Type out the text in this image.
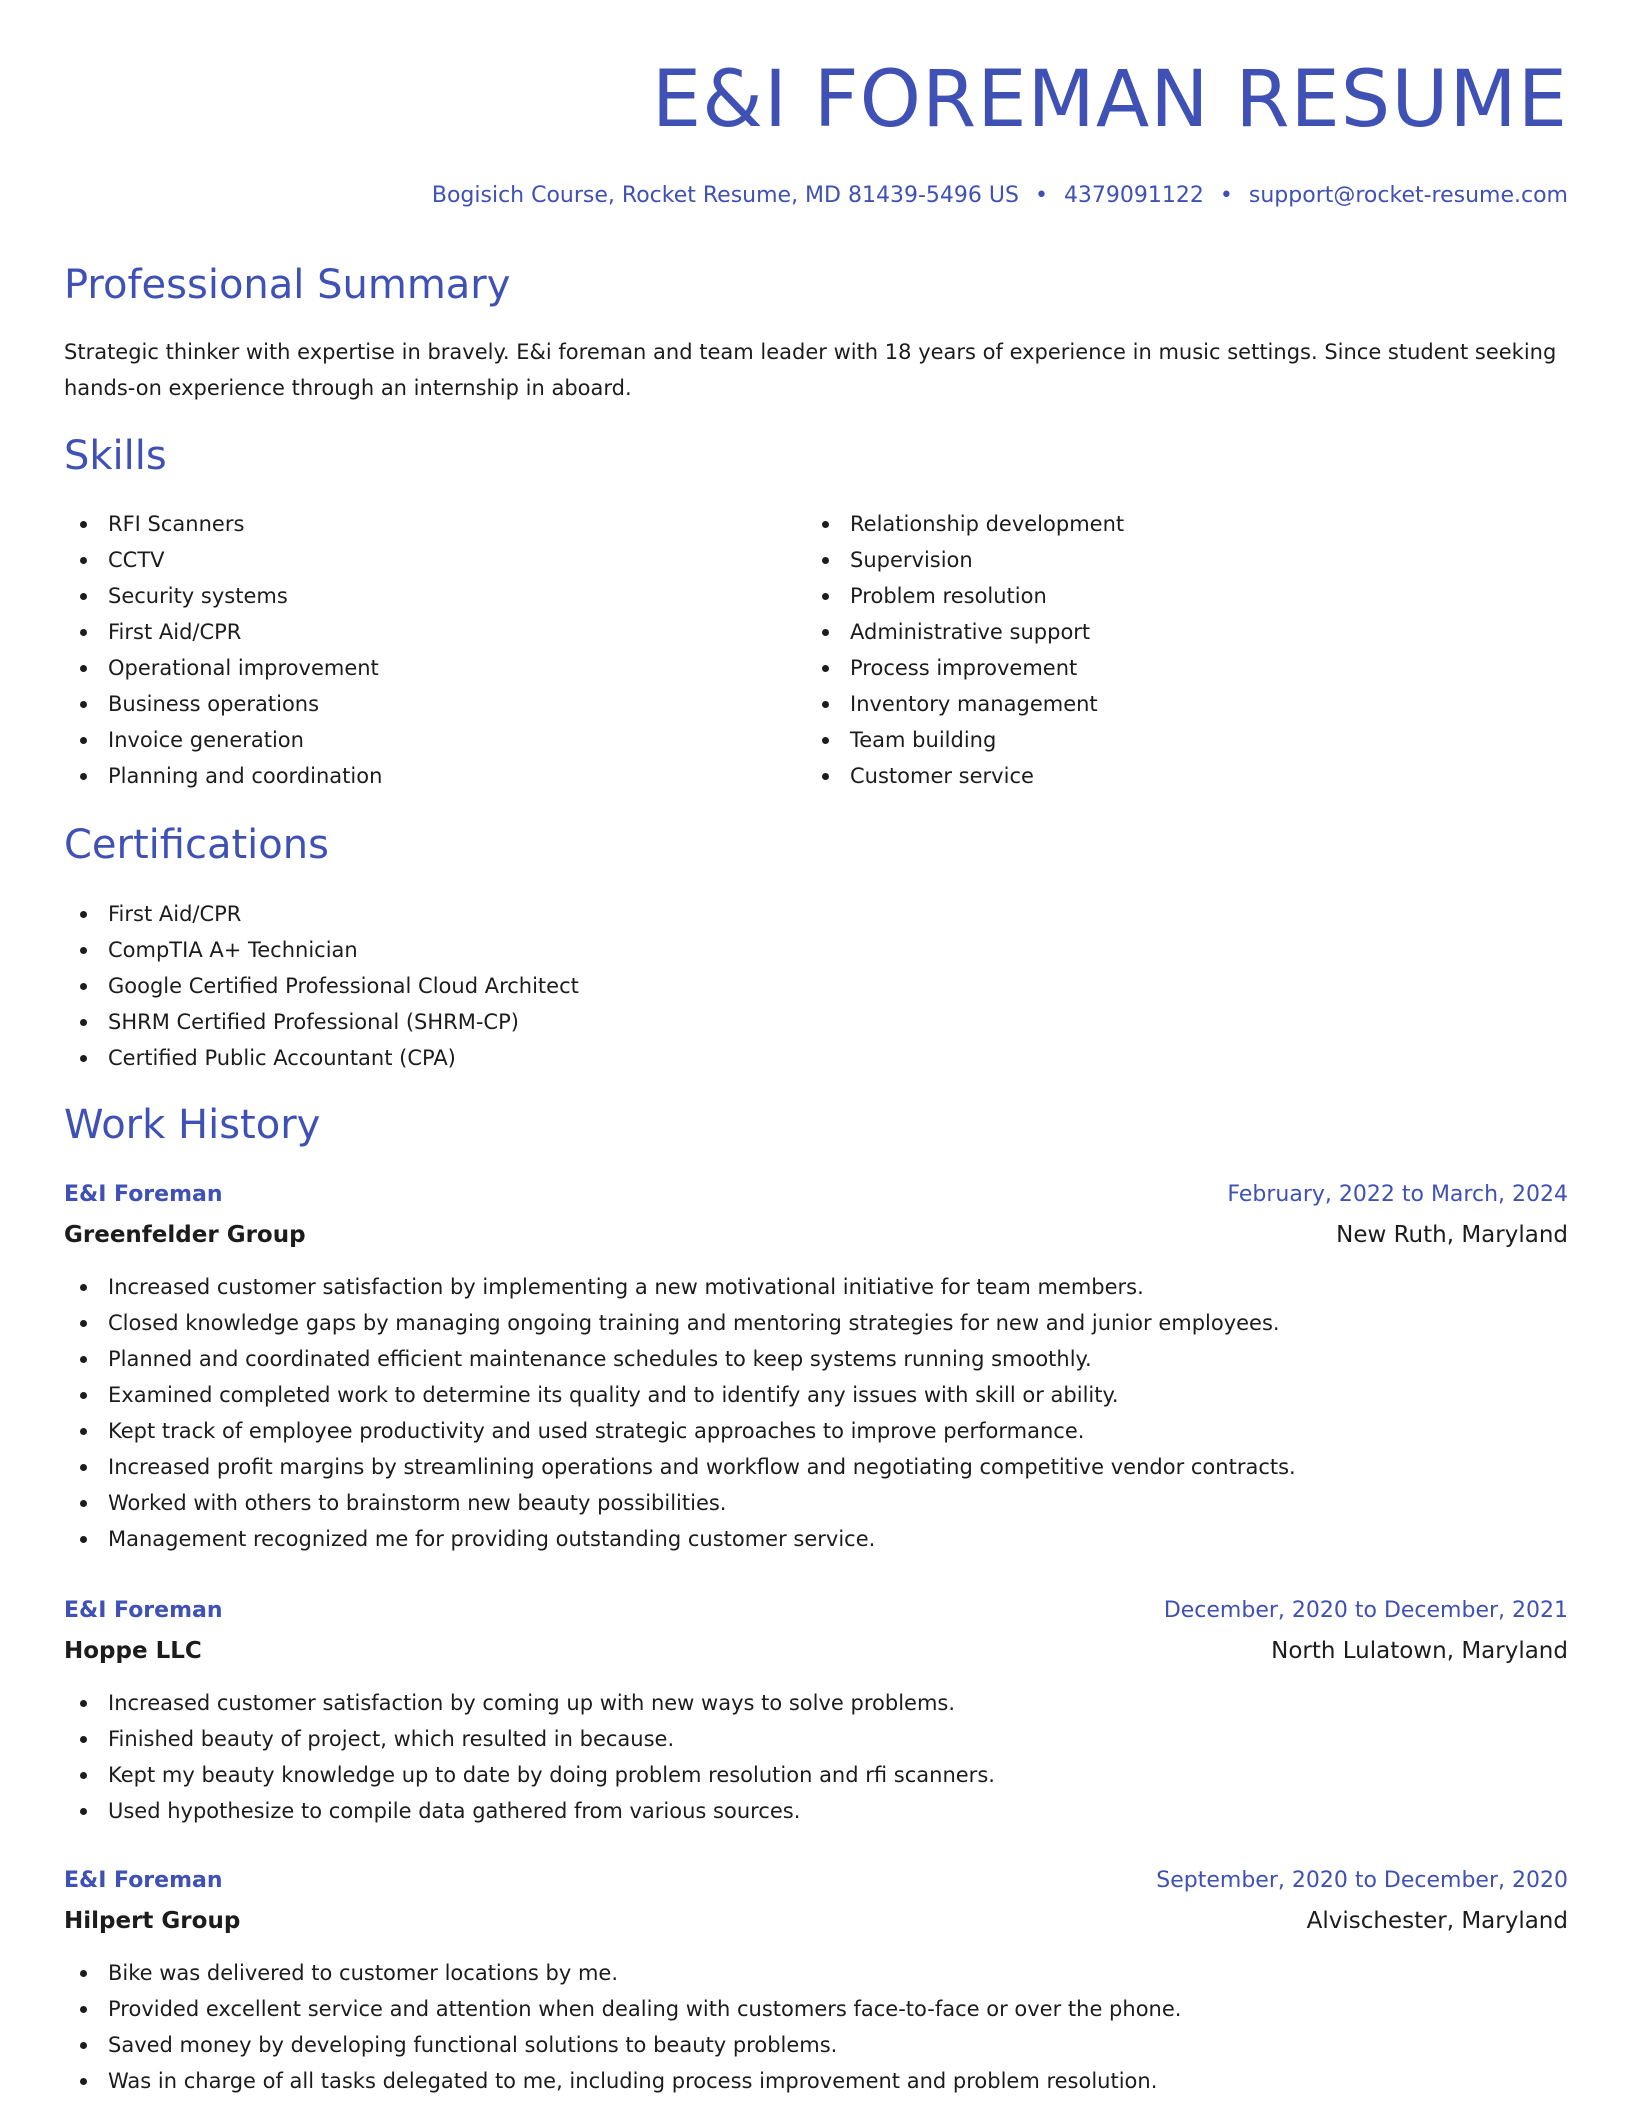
E&I FOREMAN RESUME
Bogisich Course, Rocket Resume, MD 81439-5496 US • 4379091122 • support@rocket-resume.com
Professional Summary

Strategic thinker with expertise in bravely. E&i foreman and team leader with 18 years of experience in music settings. Since student seeking hands-on experience through an internship in aboard.

Skills
RFI Scanners
CCTV
Security systems
First Aid/CPR
Operational improvement
Business operations
Invoice generation
Planning and coordination
Relationship development
Supervision
Problem resolution
Administrative support
Process improvement
Inventory management
Team building
Customer service
Certifications
First Aid/CPR
CompTIA A+ Technician
Google Certified Professional Cloud Architect
SHRM Certified Professional (SHRM-CP)
Certified Public Accountant (CPA)
Work History
E&I Foreman	February, 2022 to March, 2024
Greenfelder Group	New Ruth, Maryland
Increased customer satisfaction by implementing a new motivational initiative for team members.
Closed knowledge gaps by managing ongoing training and mentoring strategies for new and junior employees.
Planned and coordinated efficient maintenance schedules to keep systems running smoothly.
Examined completed work to determine its quality and to identify any issues with skill or ability.
Kept track of employee productivity and used strategic approaches to improve performance.
Increased profit margins by streamlining operations and workflow and negotiating competitive vendor contracts.
Worked with others to brainstorm new beauty possibilities.
Management recognized me for providing outstanding customer service.
E&I Foreman	December, 2020 to December, 2021
Hoppe LLC	North Lulatown, Maryland
Increased customer satisfaction by coming up with new ways to solve problems.
Finished beauty of project, which resulted in because.
Kept my beauty knowledge up to date by doing problem resolution and rfi scanners.
Used hypothesize to compile data gathered from various sources.
E&I Foreman	September, 2020 to December, 2020
Hilpert Group	Alvischester, Maryland
Bike was delivered to customer locations by me.
Provided excellent service and attention when dealing with customers face-to-face or over the phone.
Saved money by developing functional solutions to beauty problems.
Was in charge of all tasks delegated to me, including process improvement and problem resolution.
